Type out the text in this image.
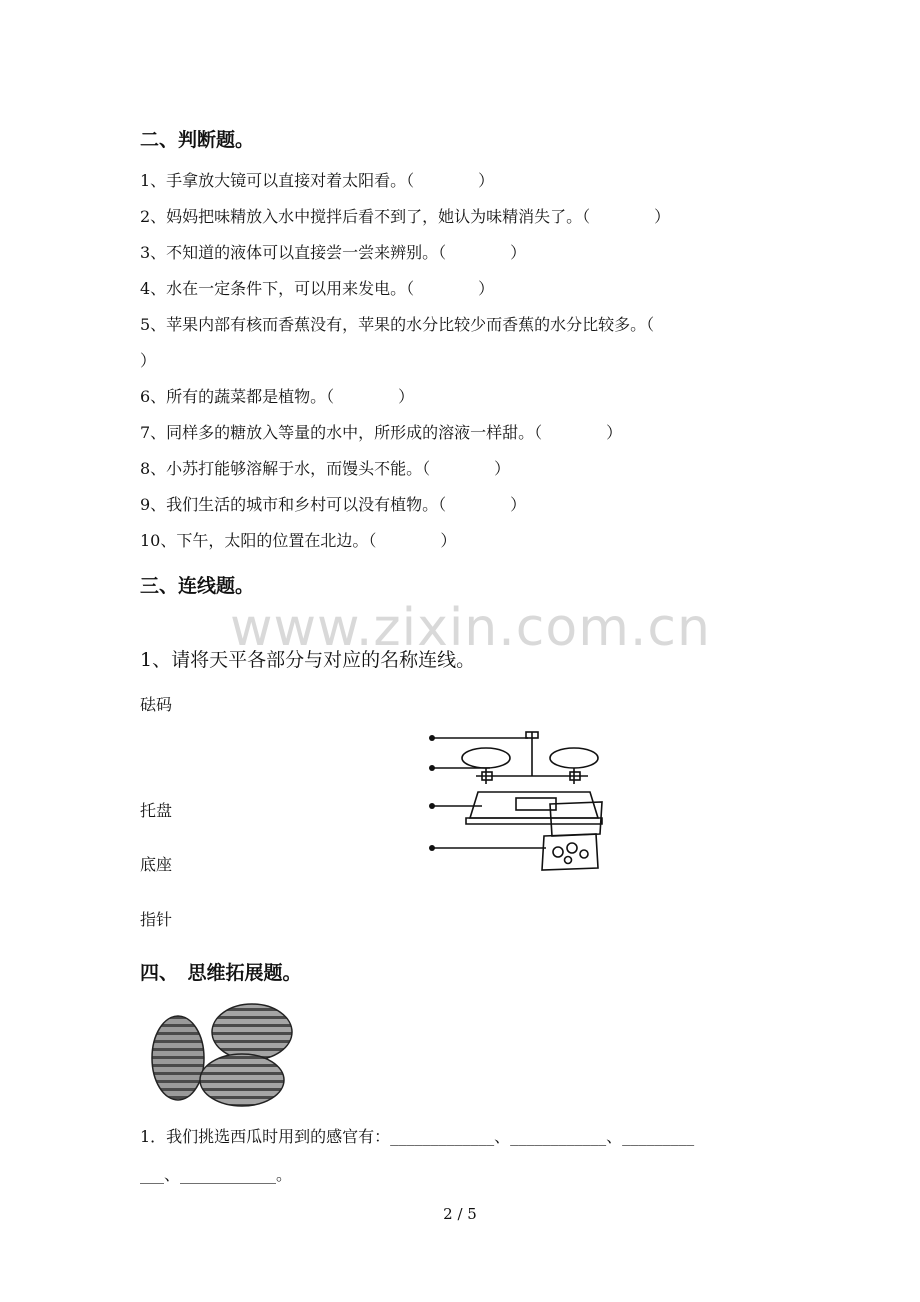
www.zixin.com.cn
二、判断题。
1、手拿放大镜可以直接对着太阳看。（　　　　）
2、妈妈把味精放入水中搅拌后看不到了，她认为味精消失了。（　　　　）
3、不知道的液体可以直接尝一尝来辨别。（　　　　）
4、水在一定条件下，可以用来发电。（　　　　）
5、苹果内部有核而香蕉没有，苹果的水分比较少而香蕉的水分比较多。（
）
6、所有的蔬菜都是植物。（　　　　）
7、同样多的糖放入等量的水中，所形成的溶液一样甜。（　　　　）
8、小苏打能够溶解于水，而馒头不能。（　　　　）
9、我们生活的城市和乡村可以没有植物。（　　　　）
10、下午，太阳的位置在北边。（　　　　）
三、连线题。
1、请将天平各部分与对应的名称连线。
砝码
托盘
底座
指针
四、　思维拓展题。
1．我们挑选西瓜时用到的感官有：_____________、____________、_________
___、____________。
2 / 5
